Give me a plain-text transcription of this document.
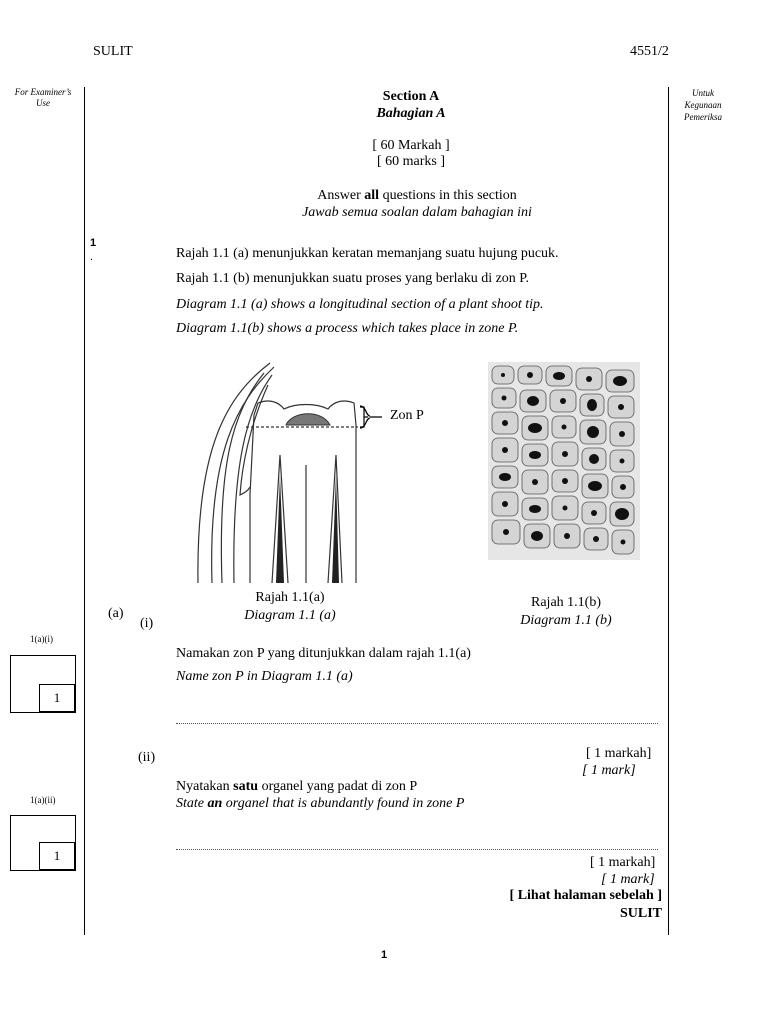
SULIT	4551/2
For Examiner’s
Use
Untuk
Kegunaan
Pemeriksa
Section A
Bahagian A
[ 60 Markah ]
[ 60 marks ]
Answer all questions in this section
Jawab semua soalan dalam bahagian ini
1
.	Rajah 1.1 (a) menunjukkan keratan memanjang suatu hujung pucuk.
Rajah 1.1 (b) menunjukkan suatu proses yang berlaku di zon P.
Diagram 1.1 (a) shows a longitudinal section of a plant shoot tip.
Diagram 1.1(b) shows a process which takes place in zone P.
Zon P
Rajah 1.1(a)
Diagram 1.1 (a)
Rajah 1.1(b)
Diagram 1.1 (b)
(a)
(i)
Namakan zon P yang ditunjukkan dalam rajah 1.1(a)
Name zon P in Diagram 1.1 (a)
[ 1 markah]
[ 1 mark]
(ii)
Nyatakan satu organel yang padat di zon P
State an organel that is abundantly found in zone P
[ 1 markah]
[ 1 mark]
[ Lihat halaman sebelah ]
SULIT
1
1(a)(i)
1
1(a)(ii)
1
